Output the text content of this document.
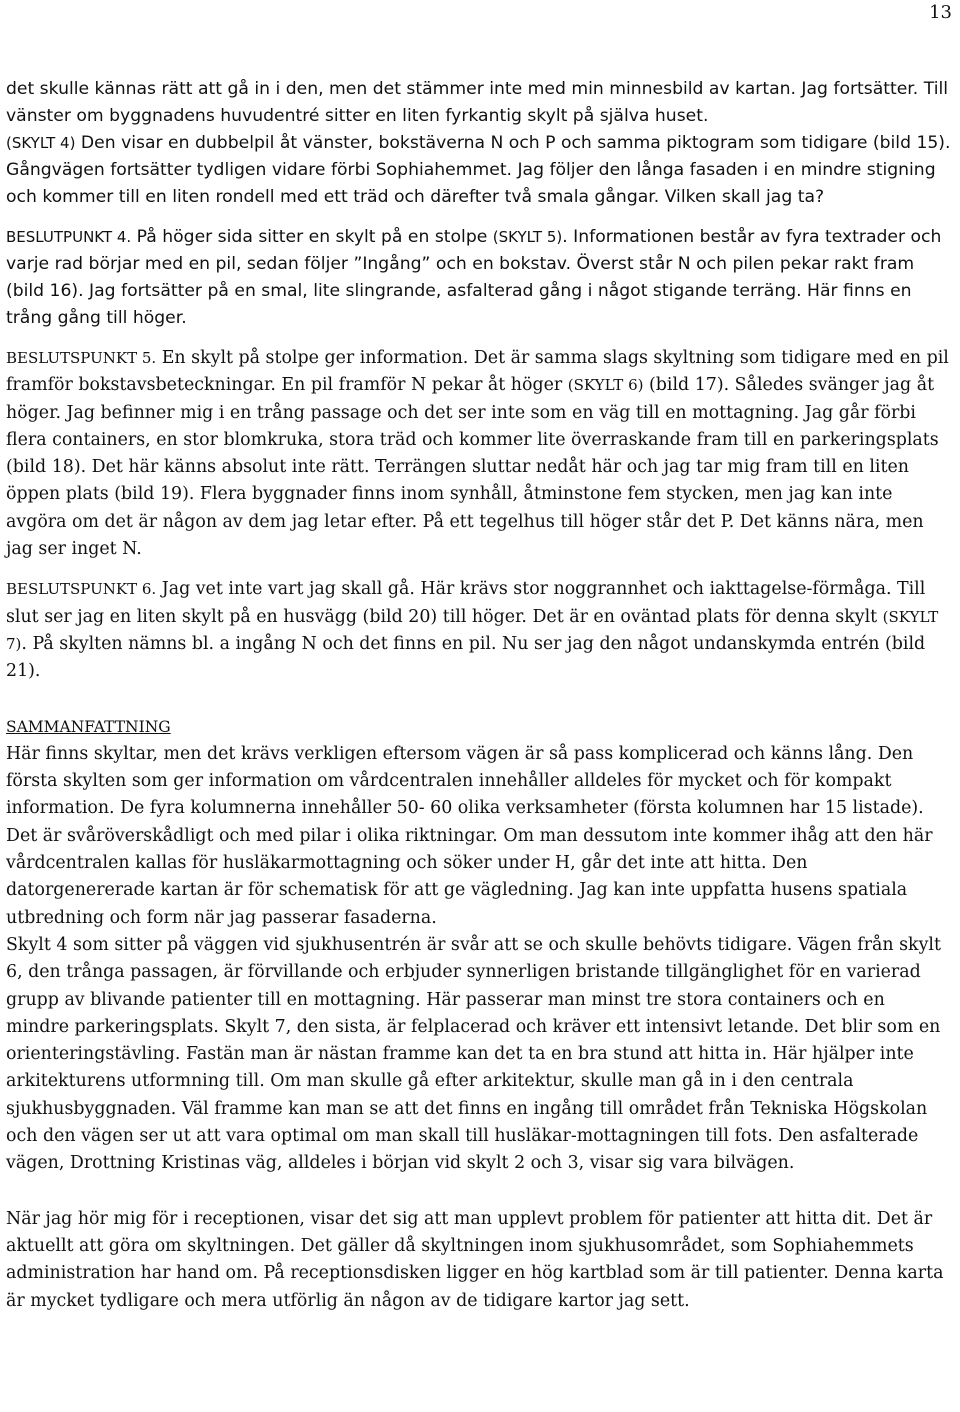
13

det skulle kännas rätt att gå in i den, men det stämmer inte med min minnesbild av kartan. Jag fortsätter. Till vänster om byggnadens huvudentré sitter en liten fyrkantig skylt på själva huset.
(SKYLT 4) Den visar en dubbelpil åt vänster, bokstäverna N och P och samma piktogram som tidigare (bild 15). Gångvägen fortsätter tydligen vidare förbi Sophiahemmet. Jag följer den långa fasaden i en mindre stigning och kommer till en liten rondell med ett träd och därefter två smala gångar. Vilken skall jag ta?

BESLUTPUNKT 4. På höger sida sitter en skylt på en stolpe (SKYLT 5). Informationen består av fyra textrader och varje rad börjar med en pil, sedan följer ”Ingång” och en bokstav. Överst står N och pilen pekar rakt fram (bild 16). Jag fortsätter på en smal, lite slingrande, asfalterad gång i något stigande terräng. Här finns en trång gång till höger.

BESLUTSPUNKT 5. En skylt på stolpe ger information. Det är samma slags skyltning som tidigare med en pil framför bokstavsbeteckningar. En pil framför N pekar åt höger (SKYLT 6) (bild 17). Således svänger jag åt höger. Jag befinner mig i en trång passage och det ser inte som en väg till en mottagning. Jag går förbi flera containers, en stor blomkruka, stora träd och kommer lite överraskande fram till en parkeringsplats (bild 18). Det här känns absolut inte rätt. Terrängen sluttar nedåt här och jag tar mig fram till en liten öppen plats (bild 19). Flera byggnader finns inom synhåll, åtminstone fem stycken, men jag kan inte avgöra om det är någon av dem jag letar efter. På ett tegelhus till höger står det P. Det känns nära, men jag ser inget N.

BESLUTSPUNKT 6. Jag vet inte vart jag skall gå. Här krävs stor noggrannhet och iakttagelse-förmåga. Till slut ser jag en liten skylt på en husvägg (bild 20) till höger. Det är en oväntad plats för denna skylt (SKYLT 7). På skylten nämns bl. a ingång N och det finns en pil. Nu ser jag den något undanskymda entrén (bild 21).

SAMMANFATTNING

Här finns skyltar, men det krävs verkligen eftersom vägen är så pass komplicerad och känns lång. Den första skylten som ger information om vårdcentralen innehåller alldeles för mycket och för kompakt information. De fyra kolumnerna innehåller 50- 60 olika verksamheter (första kolumnen har 15 listade). Det är svåröverskådligt och med pilar i olika riktningar. Om man dessutom inte kommer ihåg att den här vårdcentralen kallas för husläkarmottagning och söker under H, går det inte att hitta. Den datorgenererade kartan är för schematisk för att ge vägledning. Jag kan inte uppfatta husens spatiala utbredning och form när jag passerar fasaderna.

Skylt 4 som sitter på väggen vid sjukhusentrén är svår att se och skulle behövts tidigare. Vägen från skylt 6, den trånga passagen, är förvillande och erbjuder synnerligen bristande tillgänglighet för en varierad grupp av blivande patienter till en mottagning. Här passerar man minst tre stora containers och en mindre parkeringsplats. Skylt 7, den sista, är felplacerad och kräver ett intensivt letande. Det blir som en orienteringstävling. Fastän man är nästan framme kan det ta en bra stund att hitta in. Här hjälper inte arkitekturens utformning till. Om man skulle gå efter arkitektur, skulle man gå in i den centrala sjukhusbyggnaden. Väl framme kan man se att det finns en ingång till området från Tekniska Högskolan och den vägen ser ut att vara optimal om man skall till husläkar-mottagningen till fots. Den asfalterade vägen, Drottning Kristinas väg, alldeles i början vid skylt 2 och 3, visar sig vara bilvägen.

När jag hör mig för i receptionen, visar det sig att man upplevt problem för patienter att hitta dit. Det är aktuellt att göra om skyltningen. Det gäller då skyltningen inom sjukhusområdet, som Sophiahemmets administration har hand om. På receptionsdisken ligger en hög kartblad som är till patienter. Denna karta är mycket tydligare och mera utförlig än någon av de tidigare kartor jag sett.
